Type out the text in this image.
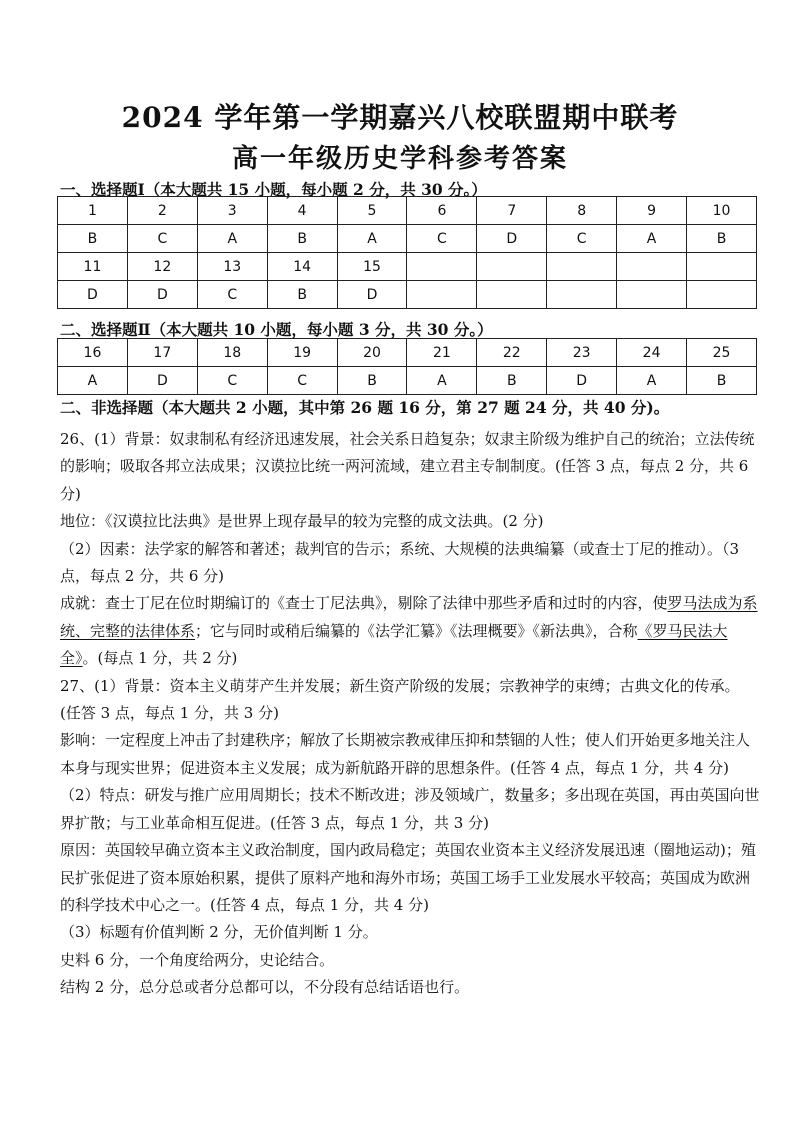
2024 学年第一学期嘉兴八校联盟期中联考
高一年级历史学科参考答案
一、选择题Ⅰ（本大题共 15 小题，每小题 2 分，共 30 分。）
1	2	3	4	5	6	7	8	9	10
B	C	A	B	A	C	D	C	A	B
11	12	13	14	15					
D	D	C	B	D					
二、选择题Ⅱ（本大题共 10 小题，每小题 3 分，共 30 分。）
16	17	18	19	20	21	22	23	24	25
A	D	C	C	B	A	B	D	A	B
二、非选择题（本大题共 2 小题，其中第 26 题 16 分，第 27 题 24 分，共 40 分)。

26、(1）背景：奴隶制私有经济迅速发展，社会关系日趋复杂；奴隶主阶级为维护自己的统治；立法传统的影响；吸取各邦立法成果；汉谟拉比统一两河流域，建立君主专制制度。(任答 3 点，每点 2 分，共 6 分)

地位：《汉谟拉比法典》是世界上现存最早的较为完整的成文法典。(2 分)

（2）因素：法学家的解答和著述；裁判官的告示；系统、大规模的法典编纂（或查士丁尼的推动）。（3 点，每点 2 分，共 6 分)

成就：查士丁尼在位时期编订的《查士丁尼法典》，剔除了法律中那些矛盾和过时的内容，使罗马法成为系统、完整的法律体系；它与同时或稍后编纂的《法学汇纂》《法理概要》《新法典》，合称《罗马民法大全》。(每点 1 分，共 2 分)

27、(1）背景：资本主义萌芽产生并发展；新生资产阶级的发展；宗教神学的束缚；古典文化的传承。(任答 3 点，每点 1 分，共 3 分)

影响：一定程度上冲击了封建秩序；解放了长期被宗教戒律压抑和禁锢的人性；使人们开始更多地关注人本身与现实世界；促进资本主义发展；成为新航路开辟的思想条件。(任答 4 点，每点 1 分，共 4 分)

（2）特点：研发与推广应用周期长；技术不断改进；涉及领域广，数量多；多出现在英国，再由英国向世界扩散；与工业革命相互促进。(任答 3 点，每点 1 分，共 3 分)

原因：英国较早确立资本主义政治制度，国内政局稳定；英国农业资本主义经济发展迅速（圈地运动)；殖民扩张促进了资本原始积累，提供了原料产地和海外市场；英国工场手工业发展水平较高；英国成为欧洲的科学技术中心之一。(任答 4 点，每点 1 分，共 4 分)

（3）标题有价值判断 2 分，无价值判断 1 分。

史料 6 分，一个角度给两分，史论结合。

结构 2 分，总分总或者分总都可以，不分段有总结话语也行。
